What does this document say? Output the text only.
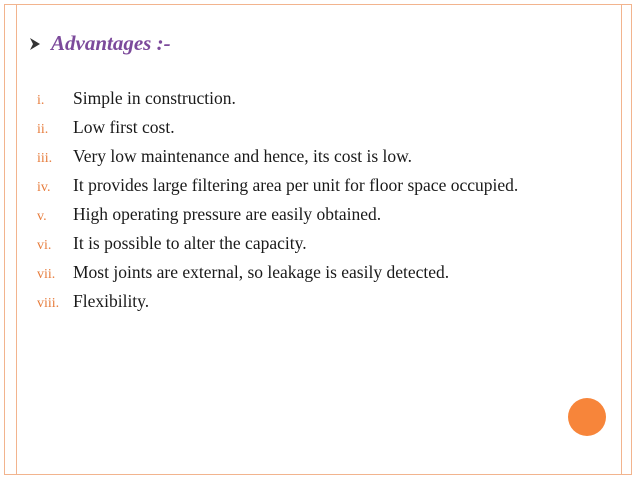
Advantages :-
i.	Simple in construction.
ii.	Low first cost.
iii.	Very low maintenance and hence, its cost is low.
iv.	It provides large filtering area per unit for floor space occupied.
v.	High operating pressure are easily obtained.
vi.	It is possible to alter the capacity.
vii.	Most joints are external, so leakage is easily detected.
viii. Flexibility.
